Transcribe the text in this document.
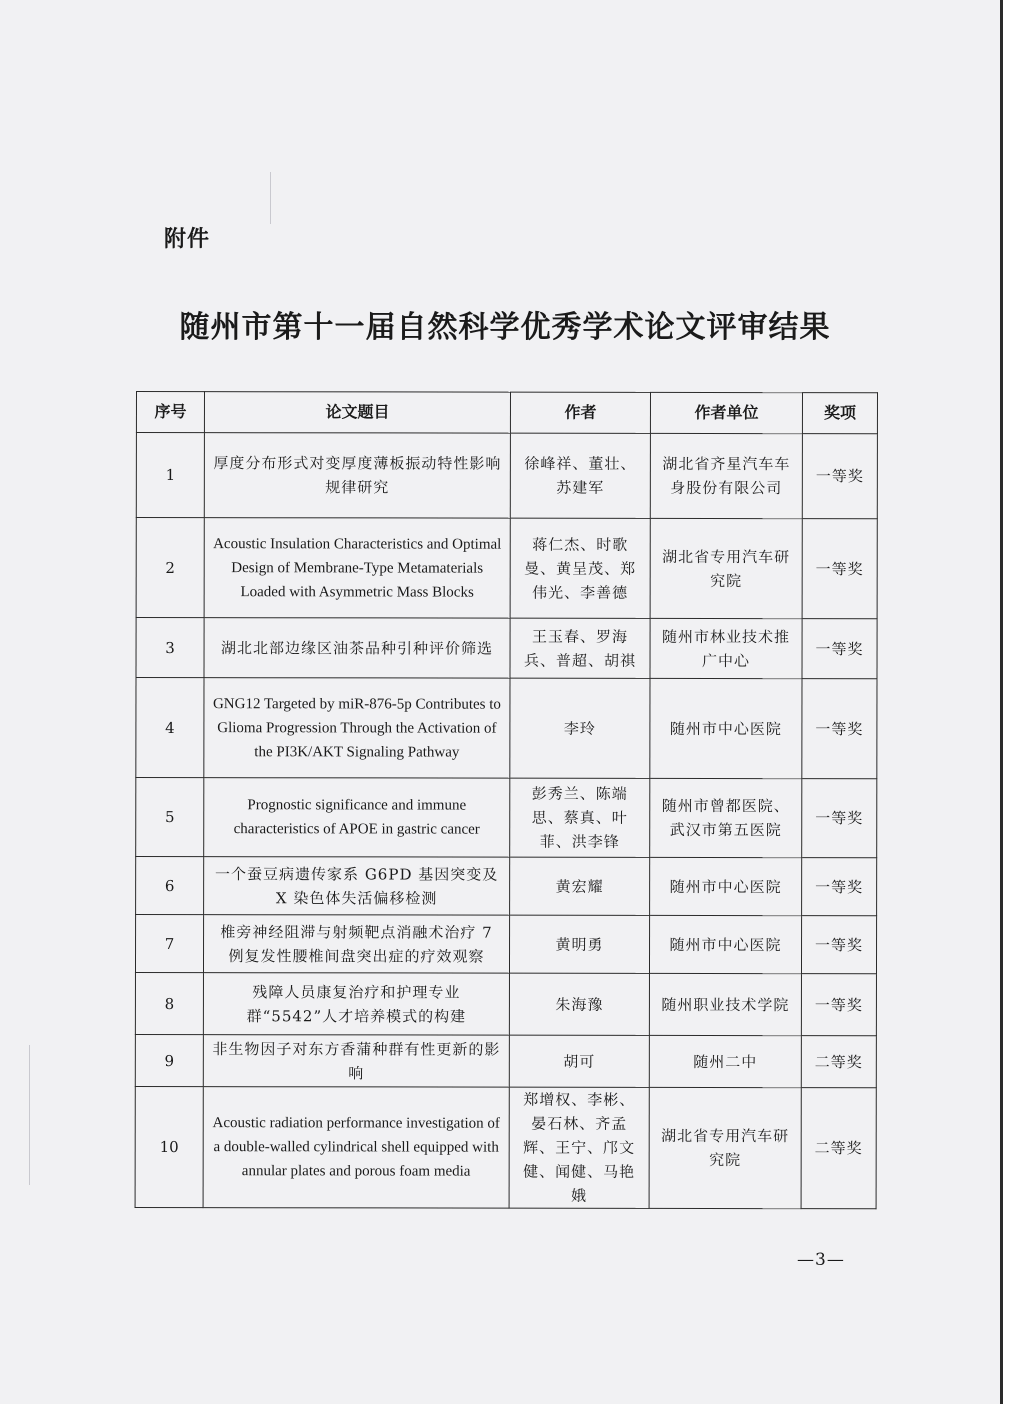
附件
随州市第十一届自然科学优秀学术论文评审结果
序号	论文题目	作者	作者单位	奖项
1	厚度分布形式对变厚度薄板振动特性影响规律研究	徐峰祥、董壮、苏建军	湖北省齐星汽车车身股份有限公司	一等奖
2	Acoustic Insulation Characteristics and Optimal Design of Membrane-Type Metamaterials Loaded with Asymmetric Mass Blocks	蒋仁杰、时歌曼、黄呈茂、郑伟光、李善德	湖北省专用汽车研究院	一等奖
3	湖北北部边缘区油茶品种引种评价筛选	王玉春、罗海兵、普超、胡祺	随州市林业技术推广中心	一等奖
4	GNG12 Targeted by miR-876-5p Contributes to Glioma Progression Through the Activation of the PI3K/AKT Signaling Pathway	李玲	随州市中心医院	一等奖
5	Prognostic significance and immune characteristics of APOE in gastric cancer	彭秀兰、陈端思、蔡真、叶菲、洪李锋	随州市曾都医院、武汉市第五医院	一等奖
6	一个蚕豆病遗传家系 G6PD 基因突变及 X 染色体失活偏移检测	黄宏耀	随州市中心医院	一等奖
7	椎旁神经阻滞与射频靶点消融术治疗 7 例复发性腰椎间盘突出症的疗效观察	黄明勇	随州市中心医院	一等奖
8	残障人员康复治疗和护理专业群“5542”人才培养模式的构建	朱海豫	随州职业技术学院	一等奖
9	非生物因子对东方香蒲种群有性更新的影响	胡可	随州二中	二等奖
10	Acoustic radiation performance investigation of a double-walled cylindrical shell equipped with annular plates and porous foam media	郑增权、李彬、晏石林、齐孟辉、王宁、邝文健、闻健、马艳娥	湖北省专用汽车研究院	二等奖
—3—
